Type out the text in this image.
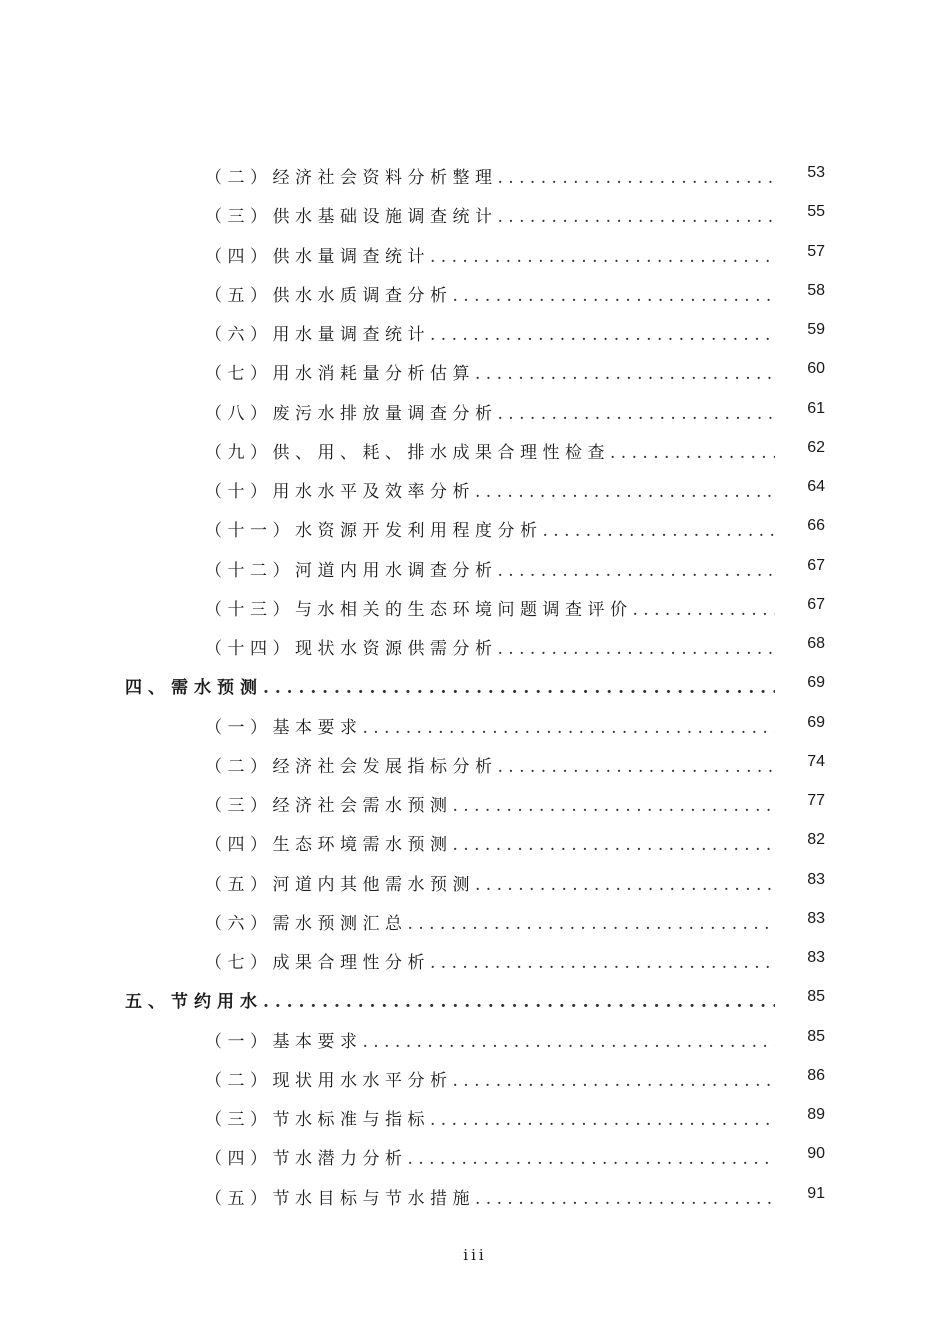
（二）经济社会资料分析整理 . . .	53
（三）供水基础设施调查统计 . . .	55
（四）供水量调查统计 . . .	57
（五）供水水质调查分析 . . .	58
（六）用水量调查统计 . . .	59
（七）用水消耗量分析估算 . . .	60
（八）废污水排放量调查分析 . . .	61
（九）供、用、耗、排水成果合理性检查 . . .	62
（十）用水水平及效率分析 . . .	64
（十一）水资源开发利用程度分析 . . .	66
（十二）河道内用水调查分析 . . .	67
（十三）与水相关的生态环境问题调查评价 . . .	67
（十四）现状水资源供需分析 . . .	68
四、需水预测 . . .	69
（一）基本要求 . . .	69
（二）经济社会发展指标分析 . . .	74
（三）经济社会需水预测 . . .	77
（四）生态环境需水预测 . . .	82
（五）河道内其他需水预测 . . .	83
（六）需水预测汇总 . . .	83
（七）成果合理性分析 . . .	83
五、节约用水 . . .	85
（一）基本要求 . . .	85
（二）现状用水水平分析 . . .	86
（三）节水标准与指标 . . .	89
（四）节水潜力分析 . . .	90
（五）节水目标与节水措施 . . .	91
iii
